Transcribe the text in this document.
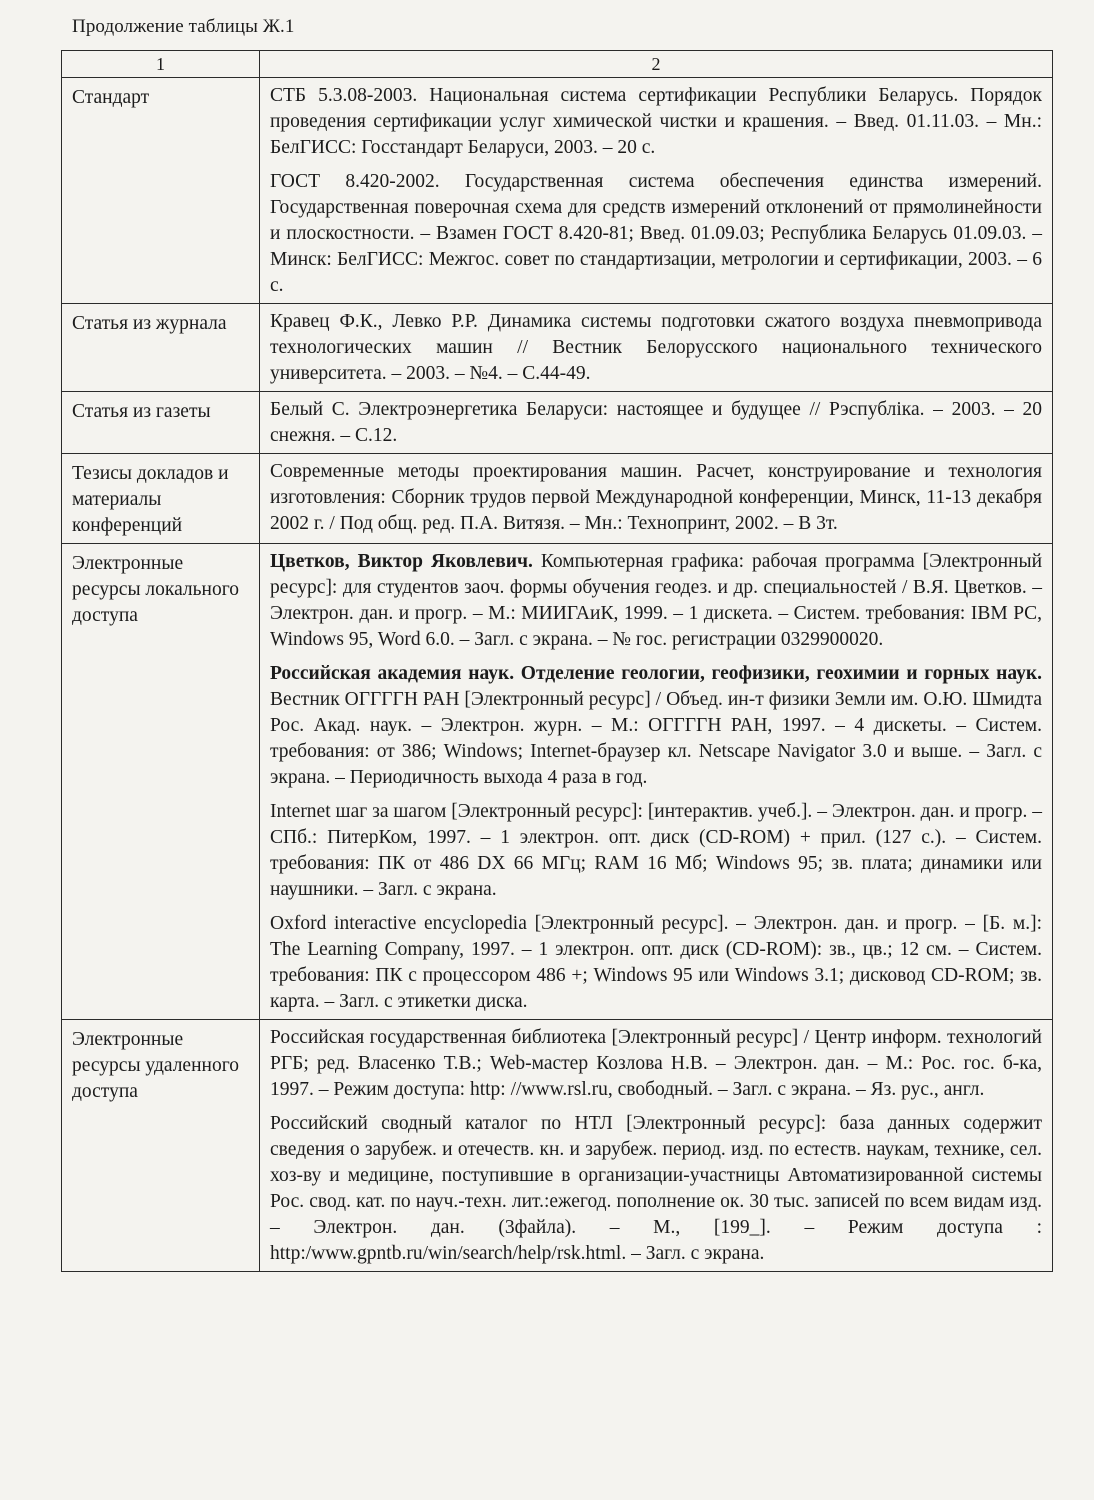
Продолжение таблицы Ж.1
1	2
Стандарт	СТБ 5.3.08-2003. Национальная система сертификации Республики Беларусь. Порядок проведения сертификации услуг химической чистки и крашения. – Введ. 01.11.03. – Мн.: БелГИСС: Госстандарт Беларуси, 2003. – 20 с.
ГОСТ 8.420-2002. Государственная система обеспечения единства измерений. Государственная поверочная схема для средств измерений отклонений от прямолинейности и плоскостности. – Взамен ГОСТ 8.420-81; Введ. 01.09.03; Республика Беларусь 01.09.03. – Минск: БелГИСС: Межгос. совет по стандартизации, метрологии и сертификации, 2003. – 6 с.

Статья из журнала	Кравец Ф.К., Левко Р.Р. Динамика системы подготовки сжатого воздуха пневмопривода технологических машин // Вестник Белорусского национального технического университета. – 2003. – №4. – С.44-49.

Статья из газеты	Белый С. Электроэнергетика Беларуси: настоящее и будущее // Рэспубліка. – 2003. – 20 снежня. – С.12.

Тезисы докладов и материалы конференций	Современные методы проектирования машин. Расчет, конструирование и технология изготовления: Сборник трудов первой Международной конференции, Минск, 11-13 декабря 2002 г. / Под общ. ред. П.А. Витязя. – Мн.: Технопринт, 2002. – В 3т.

Электронные ресурсы локального доступа	Цветков, Виктор Яковлевич. Компьютерная графика: рабочая программа [Электронный ресурс]: для студентов заоч. формы обучения геодез. и др. специальностей / В.Я. Цветков. – Электрон. дан. и прогр. – М.: МИИГАиК, 1999. – 1 дискета. – Систем. требования: IBM PC, Windows 95, Word 6.0. – Загл. с экрана. – № гос. регистрации 0329900020.
Российская академия наук. Отделение геологии, геофизики, геохимии и горных наук. Вестник ОГГГГН РАН [Электронный ресурс] / Объед. ин-т физики Земли им. О.Ю. Шмидта Рос. Акад. наук. – Электрон. журн. – М.: ОГГГГН РАН, 1997. – 4 дискеты. – Систем. требования: от 386; Windows; Internet-браузер кл. Netscape Navigator 3.0 и выше. – Загл. с экрана. – Периодичность выхода 4 раза в год.
Internet шаг за шагом [Электронный ресурс]: [интерактив. учеб.]. – Электрон. дан. и прогр. – СПб.: ПитерКом, 1997. – 1 электрон. опт. диск (CD-ROM) + прил. (127 с.). – Систем. требования: ПК от 486 DX 66 МГц; RAM 16 Мб; Windows 95; зв. плата; динамики или наушники. – Загл. с экрана.
Oxford interactive encyclopedia [Электронный ресурс]. – Электрон. дан. и прогр. – [Б. м.]: The Learning Company, 1997. – 1 электрон. опт. диск (CD-ROM): зв., цв.; 12 см. – Систем. требования: ПК с процессором 486 +; Windows 95 или Windows 3.1; дисковод CD-ROM; зв. карта. – Загл. с этикетки диска.

Электронные ресурсы удаленного доступа	Российская государственная библиотека [Электронный ресурс] / Центр информ. технологий РГБ; ред. Власенко Т.В.; Web-мастер Козлова Н.В. – Электрон. дан. – М.: Рос. гос. б-ка, 1997. – Режим доступа: http: //www.rsl.ru, свободный. – Загл. с экрана. – Яз. рус., англ.
Российский сводный каталог по НТЛ [Электронный ресурс]: база данных содержит сведения о зарубеж. и отечеств. кн. и зарубеж. период. изд. по естеств. наукам, технике, сел. хоз-ву и медицине, поступившие в организации-участницы Автоматизированной системы Рос. свод. кат. по науч.-техн. лит.:ежегод. пополнение ок. 30 тыс. записей по всем видам изд. – Электрон. дан. (3файла). – М., [199_]. – Режим доступа : http:/www.gpntb.ru/win/search/help/rsk.html. – Загл. с экрана.
